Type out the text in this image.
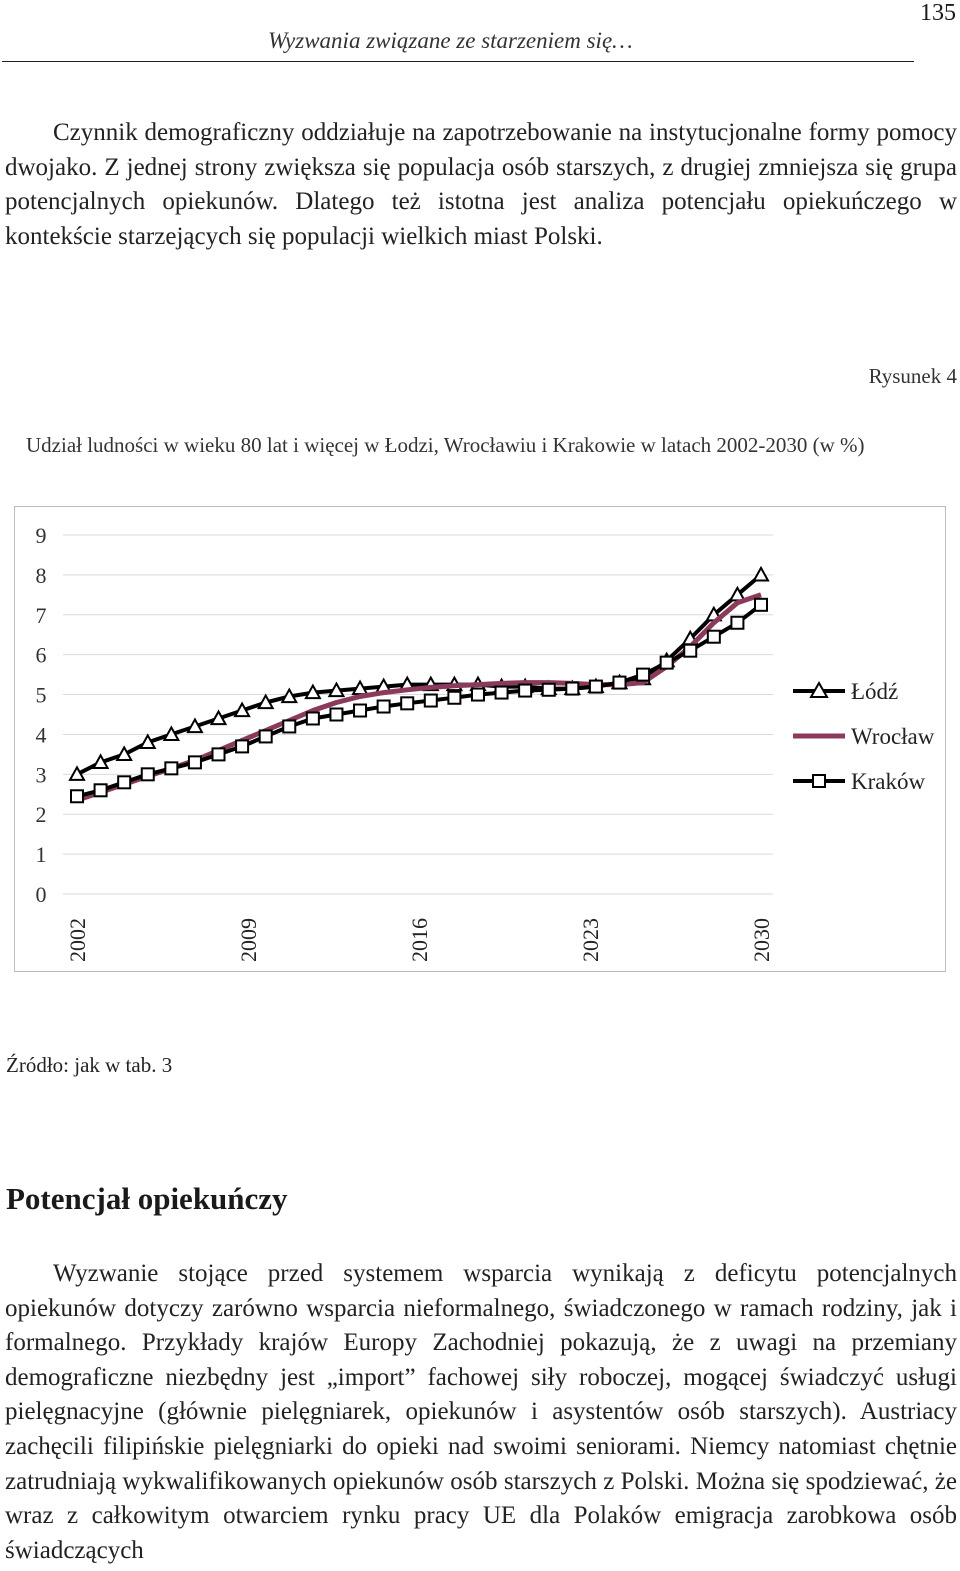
135
Wyzwania związane ze starzeniem się…

Czynnik demograficzny oddziałuje na zapotrzebowanie na instytucjonalne formy pomocy dwojako. Z jednej strony zwiększa się populacja osób starszych, z drugiej zmniejsza się grupa potencjalnych opiekunów. Dlatego też istotna jest analiza potencjału opiekuńczego w kontekście starzejących się populacji wielkich miast Polski.

Rysunek 4
Udział ludności w wieku 80 lat i więcej w Łodzi, Wrocławiu i Krakowie w latach 2002-2030 (w %)
0
1
2
3
4
5
6
7
8
9
2002	2009	2016	2023	2030
Łódź
Wrocław
Kraków
Źródło: jak w tab. 3
Potencjał opiekuńczy

Wyzwanie stojące przed systemem wsparcia wynikają z deficytu potencjalnych opiekunów dotyczy zarówno wsparcia nieformalnego, świadczonego w ramach rodziny, jak i formalnego. Przykłady krajów Europy Zachodniej pokazują, że z uwagi na przemiany demograficzne niezbędny jest „import” fachowej siły roboczej, mogącej świadczyć usługi pielęgnacyjne (głównie pielęgniarek, opiekunów i asystentów osób starszych). Austriacy zachęcili filipińskie pielęgniarki do opieki nad swoimi seniorami. Niemcy natomiast chętnie zatrudniają wykwalifikowanych opiekunów osób starszych z Polski. Można się spodziewać, że wraz z całkowitym otwarciem rynku pracy UE dla Polaków emigracja zarobkowa osób świadczących
